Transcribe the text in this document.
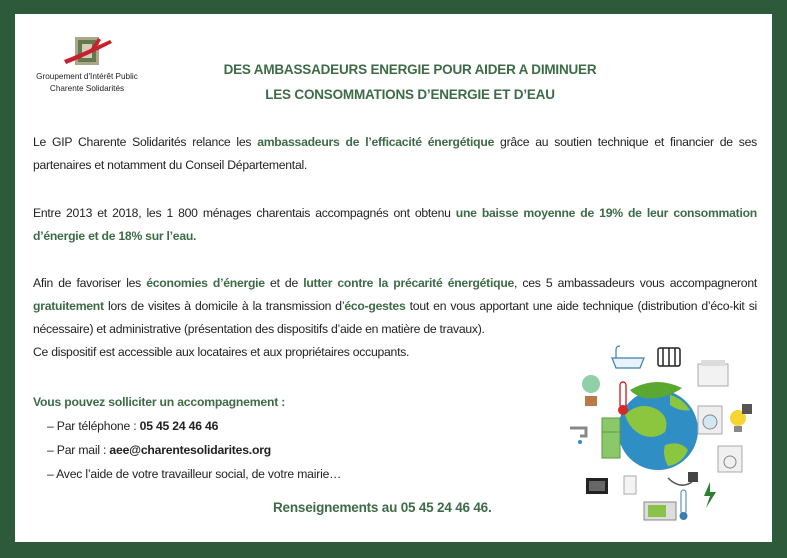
Groupement d'Intérêt Public
Charente Solidarités
DES AMBASSADEURS ENERGIE POUR AIDER A DIMINUER
LES CONSOMMATIONS D’ENERGIE ET D’EAU
Le GIP Charente Solidarités relance les ambassadeurs de l’efficacité énergétique grâce au soutien technique et financier de ses partenaires et notamment du Conseil Départemental.
Entre 2013 et 2018, les 1 800 ménages charentais accompagnés ont obtenu une baisse moyenne de 19% de leur consommation d’énergie et de 18% sur l’eau.
Afin de favoriser les économies d’énergie et de lutter contre la précarité énergétique, ces 5 ambassadeurs vous accompagneront gratuitement lors de visites à domicile à la transmission d’éco-gestes tout en vous apportant une aide technique (distribution d’éco-kit si nécessaire) et administrative (présentation des dispositifs d’aide en matière de travaux).
Ce dispositif est accessible aux locataires et aux propriétaires occupants.
Vous pouvez solliciter un accompagnement :
– Par téléphone : 05 45 24 46 46
– Par mail : aee@charentesolidarites.org
– Avec l’aide de votre travailleur social, de votre mairie…
Renseignements au 05 45 24 46 46.
